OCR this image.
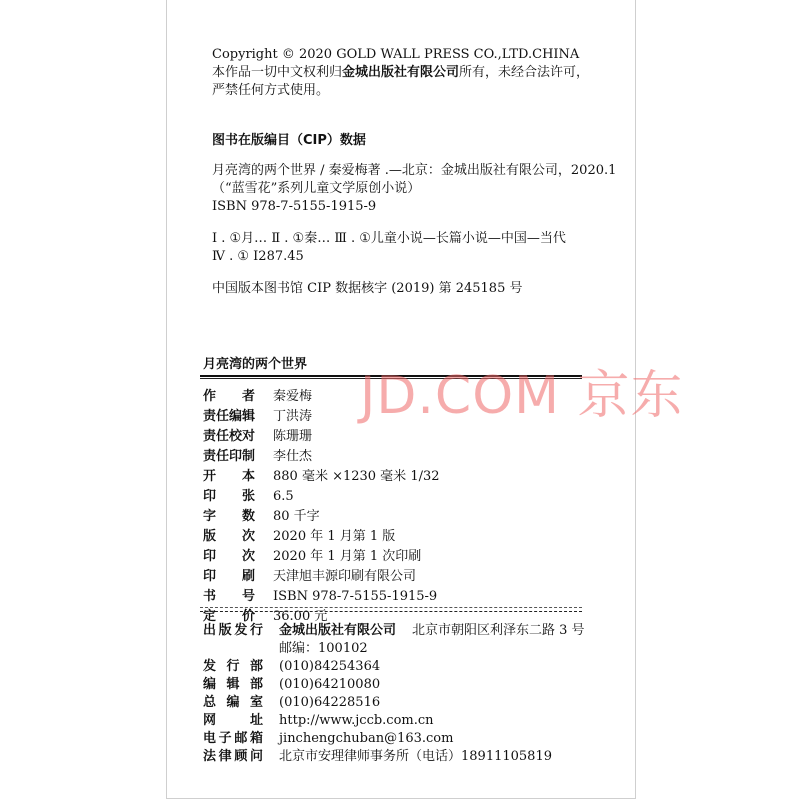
Copyright © 2020 GOLD WALL PRESS CO.,LTD.CHINA
本作品一切中文权利归金城出版社有限公司所有，未经合法许可，
严禁任何方式使用。
图书在版编目（CIP）数据
月亮湾的两个世界 / 秦爱梅著 .—北京：金城出版社有限公司，2020.1
（“蓝雪花”系列儿童文学原创小说）
ISBN 978-7-5155-1915-9
Ⅰ . ①月… Ⅱ . ①秦… Ⅲ . ①儿童小说—长篇小说—中国—当代
Ⅳ . ① I287.45
中国版本图书馆 CIP 数据核字 (2019) 第 245185 号
月亮湾的两个世界
JD.COM 京东
作　　者 秦爱梅
责任编辑 丁洪涛
责任校对 陈珊珊
责任印制 李仕杰
开　　本 880 毫米 ×1230 毫米 1/32
印　　张 6.5
字　　数 80 千字
版　　次 2020 年 1 月第 1 版
印　　次 2020 年 1 月第 1 次印刷
印　　刷 天津旭丰源印刷有限公司
书　　号 ISBN 978-7-5155-1915-9
定　　价 36.00 元
出版发行 金城出版社有限公司 北京市朝阳区利泽东二路 3 号
邮编：100102
发 行 部 (010)84254364
编 辑 部 (010)64210080
总 编 室 (010)64228516
网　　址 http://www.jccb.com.cn
电子邮箱 jinchengchuban@163.com
法律顾问 北京市安理律师事务所（电话）18911105819
